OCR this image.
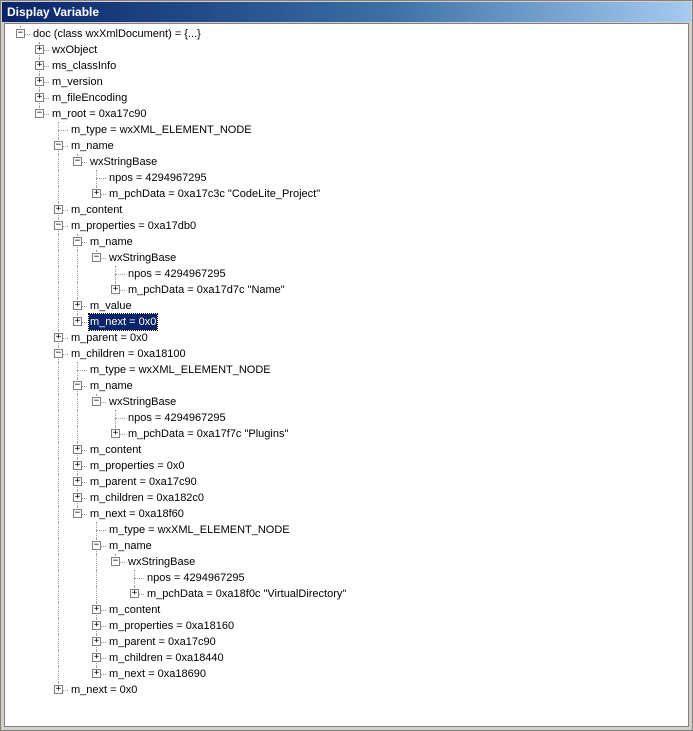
Display Variable
− doc (class wxXmlDocument) = {...}
+ wxObject
+ ms_classInfo
+ m_version
+ m_fileEncoding
− m_root = 0xa17c90
m_type = wxXML_ELEMENT_NODE
− m_name
− wxStringBase
npos = 4294967295
+ m_pchData = 0xa17c3c "CodeLite_Project"
+ m_content
− m_properties = 0xa17db0
− m_name
− wxStringBase
npos = 4294967295
+ m_pchData = 0xa17d7c "Name"
+ m_value
+ m_next = 0x0
+ m_parent = 0x0
− m_children = 0xa18100
m_type = wxXML_ELEMENT_NODE
− m_name
− wxStringBase
npos = 4294967295
+ m_pchData = 0xa17f7c "Plugins"
+ m_content
+ m_properties = 0x0
+ m_parent = 0xa17c90
+ m_children = 0xa182c0
− m_next = 0xa18f60
m_type = wxXML_ELEMENT_NODE
− m_name
− wxStringBase
npos = 4294967295
+ m_pchData = 0xa18f0c "VirtualDirectory"
+ m_content
+ m_properties = 0xa18160
+ m_parent = 0xa17c90
+ m_children = 0xa18440
+ m_next = 0xa18690
+ m_next = 0x0
